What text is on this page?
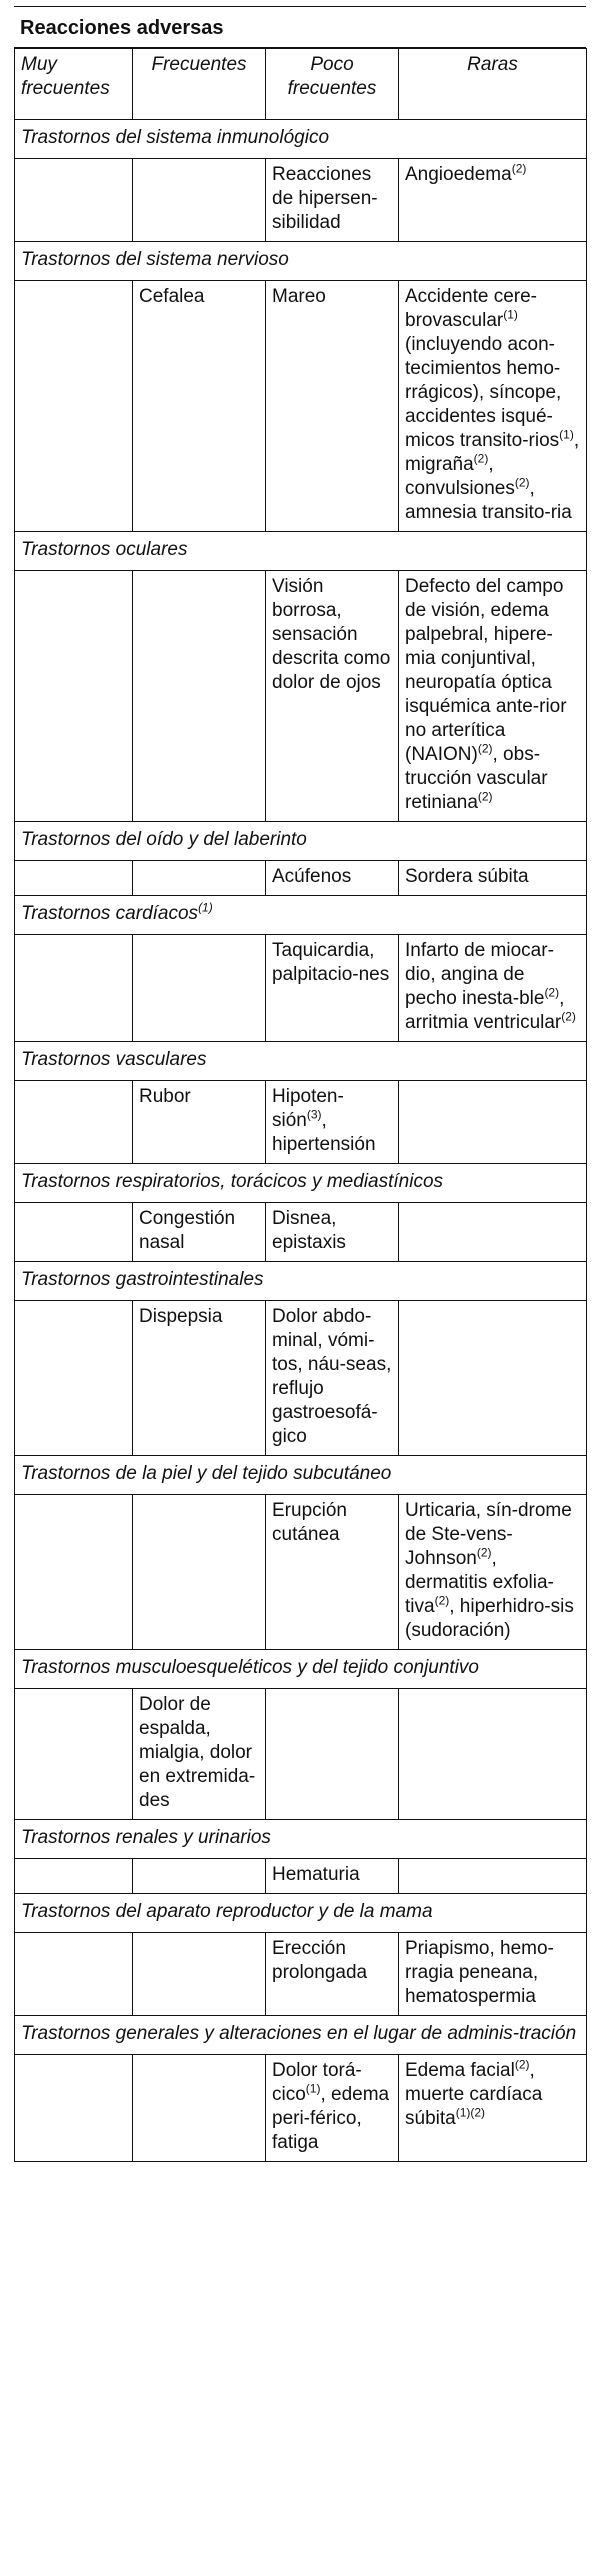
Reacciones adversas
Muy frecuentes	Frecuentes	Poco frecuentes	Raras
Trastornos del sistema inmunológico			
		Reacciones de hipersen-sibilidad	Angioedema$^{(2)}$
Trastornos del sistema nervioso			
	Cefalea	Mareo	Accidente cere-brovascular$^{(1)}$ (incluyendo acon-tecimientos hemo-rrágicos), síncope, accidentes isqué-micos transito-rios$^{(1)}$, migraña$^{(2)}$, convulsiones$^{(2)}$, amnesia transito-ria
Trastornos oculares			
		Visión borrosa, sensación descrita como dolor de ojos	Defecto del campo de visión, edema palpebral, hipere-mia conjuntival, neuropatía óptica isquémica ante-rior no arterítica (NAION)$^{(2)}$, obs-trucción vascular retiniana$^{(2)}$
Trastornos del oído y del laberinto			
		Acúfenos	Sordera súbita
Trastornos cardíacos$^{(1)}$
		Taquicardia, palpitacio-nes	Infarto de miocar-dio, angina de pecho inesta-ble$^{(2)}$, arritmia ventricular$^{(2)}$
Trastornos vasculares			
	Rubor	Hipoten-sión$^{(3)}$, hipertensión	
Trastornos respiratorios, torácicos y mediastínicos			
	Congestión nasal	Disnea, epistaxis	
Trastornos gastrointestinales			
	Dispepsia	Dolor abdo-minal, vómi-tos, náu-seas, reflujo gastroesofá-gico	
Trastornos de la piel y del tejido subcutáneo			
		Erupción cutánea	Urticaria, sín-drome de Ste-vens-Johnson$^{(2)}$, dermatitis exfolia-tiva$^{(2)}$, hiperhidro-sis (sudoración)
Trastornos musculoesqueléticos y del tejido conjuntivo			
	Dolor de espalda, mialgia, dolor en extremida-des		
Trastornos renales y urinarios			
		Hematuria	
Trastornos del aparato reproductor y de la mama			
		Erección prolongada	Priapismo, hemo-rragia peneana, hematospermia
Trastornos generales y alteraciones en el lugar de adminis-tración			
		Dolor torá-cico$^{(1)}$, edema peri-férico, fatiga	Edema facial$^{(2)}$, muerte cardíaca súbita$^{(1)(2)}$
